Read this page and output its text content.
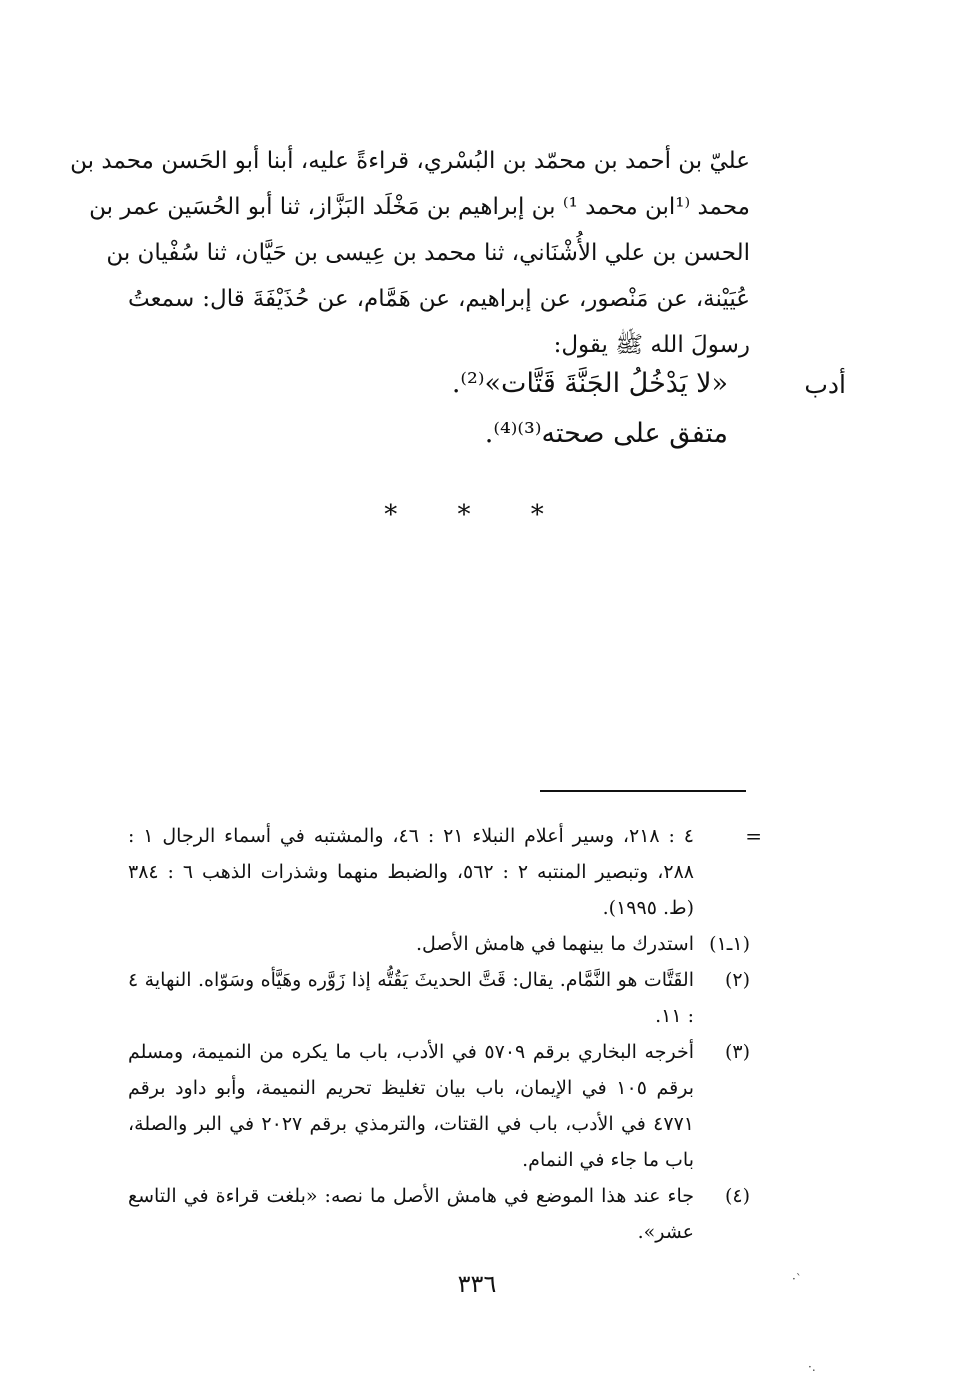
عليّ بن أحمد بن محمّد بن البُسْري، قراءةً عليه، أبنا أبو الحَسن محمد بن
محمد ⁽¹ابن محمد ¹⁾ بن إبراهيم بن مَخْلَد البَزَّاز، ثنا أبو الحُسَين عمر بن
الحسن بن علي الأُشْنَاني، ثنا محمد بن عِيسى بن حَيَّان، ثنا سُفْيان بن
عُيَيْنة، عن مَنْصور، عن إبراهيم، عن هَمَّام، عن حُذَيْفَةَ قال: سمعتُ
رسولَ الله ﷺ يقول:
«لا يَدْخُلُ الجَنَّةَ قَتَّات»⁽²⁾.
متفق على صحته⁽³⁾⁽⁴⁾.
أدب
* * *
=
٤ : ٢١٨، وسير أعلام النبلاء ٢١ : ٤٦، والمشتبه في أسماء الرجال ١ : ٢٨٨، وتبصير المنتبه ٢ : ٥٦٢، والضبط منهما وشذرات الذهب ٦ : ٣٨٤ (ط. ١٩٩٥).
(١ـ١)
استدرك ما بينهما في هامش الأصل.
(٢)
القَتَّات هو النَّمَّام. يقال: قَتَّ الحديثَ يَقُتُّه إذا زَوَّره وهَيَّأه وسَوّاه. النهاية ٤ : ١١.
(٣)
أخرجه البخاري برقم ٥٧٠٩ في الأدب، باب ما يكره من النميمة، ومسلم برقم ١٠٥ في الإيمان، باب بيان تغليظ تحريم النميمة، وأبو داود برقم ٤٧٧١ في الأدب، باب في القتات، والترمذي برقم ٢٠٢٧ في البر والصلة، باب ما جاء في النمام.
(٤)
جاء عند هذا الموضع في هامش الأصل ما نصه: «بلغت قراءة في التاسع عشر».
٣٣٦	·`
·.
